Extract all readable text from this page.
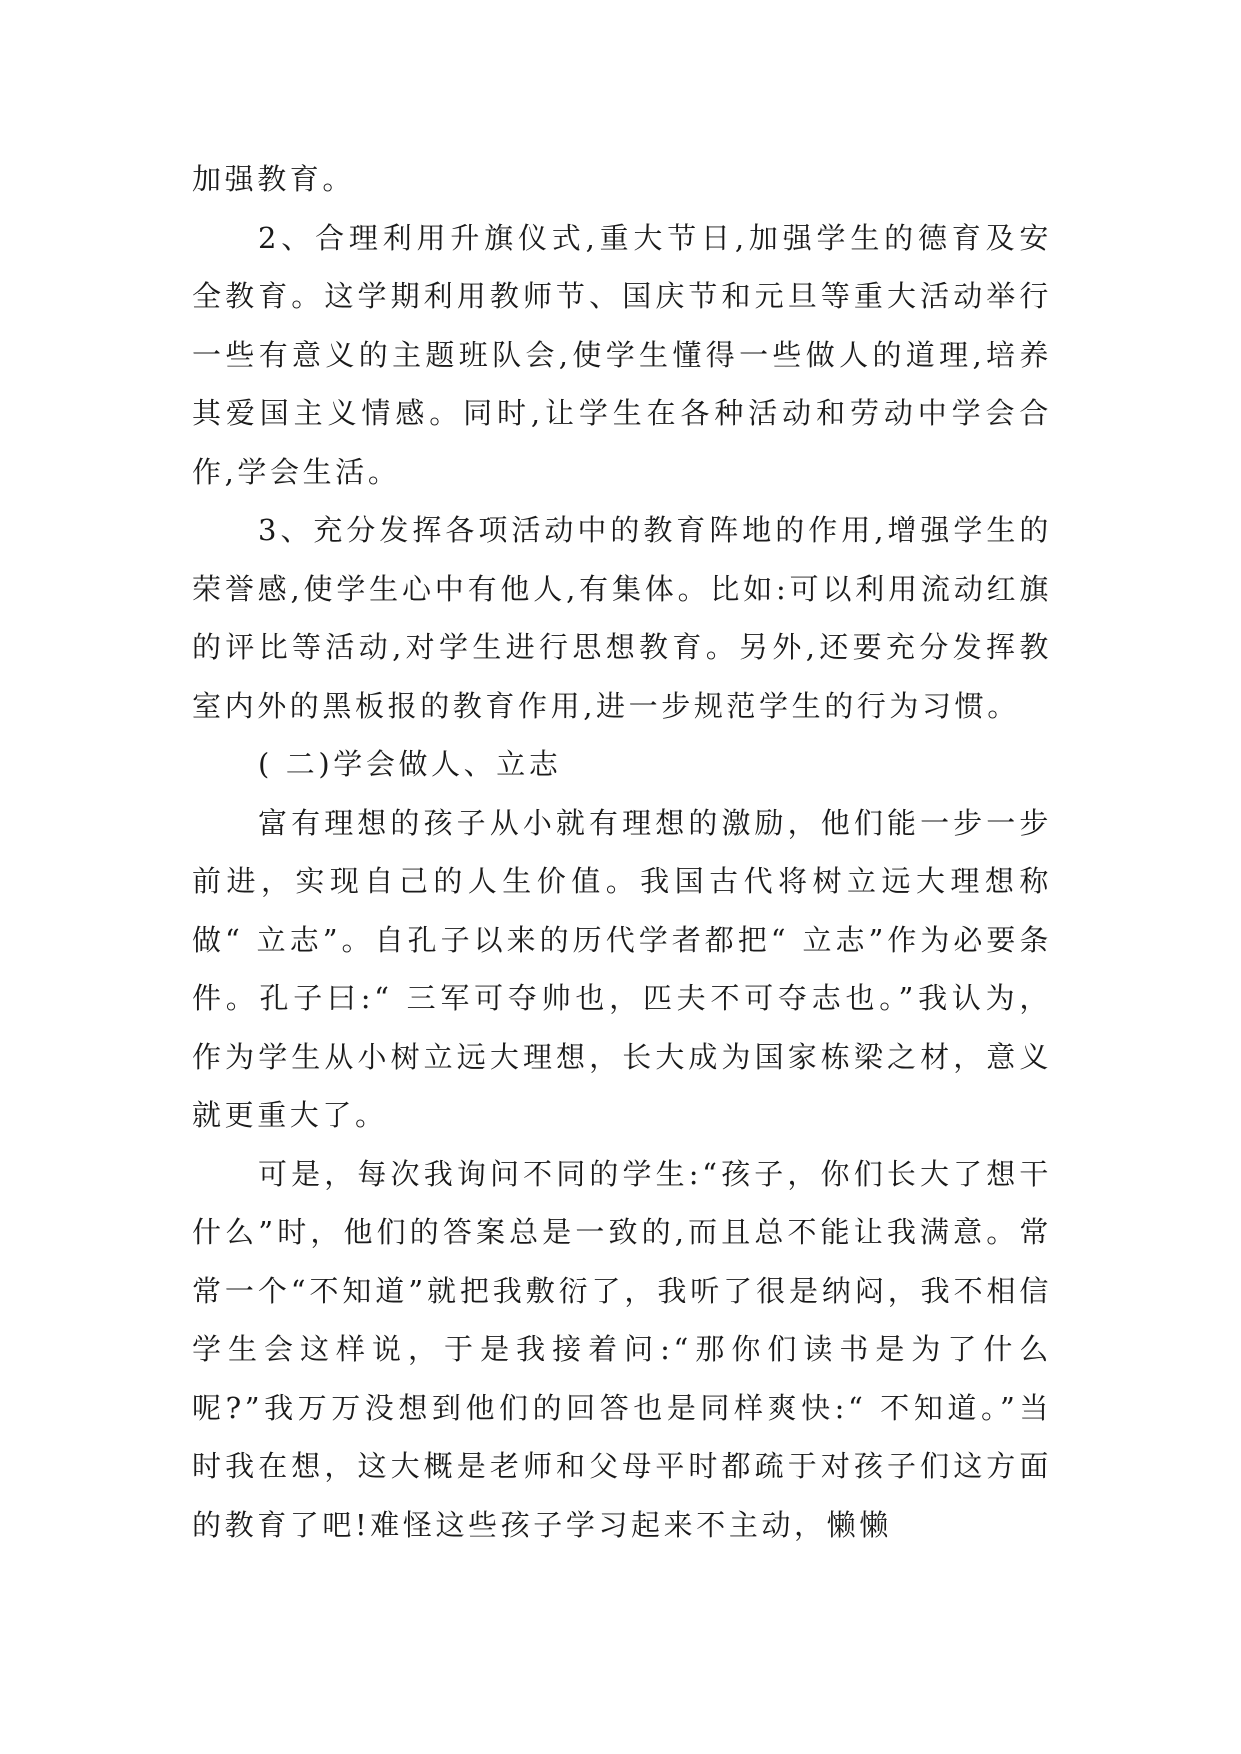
加强教育。

2、合理利用升旗仪式,重大节日,加强学生的德育及安全教育。这学期利用教师节、国庆节和元旦等重大活动举行一些有意义的主题班队会,使学生懂得一些做人的道理,培养其爱国主义情感。同时,让学生在各种活动和劳动中学会合作,学会生活。

3、充分发挥各项活动中的教育阵地的作用,增强学生的荣誉感,使学生心中有他人,有集体。比如:可以利用流动红旗的评比等活动,对学生进行思想教育。另外,还要充分发挥教室内外的黑板报的教育作用,进一步规范学生的行为习惯。

( 二)学会做人、立志

富有理想的孩子从小就有理想的激励，他们能一步一步前进，实现自己的人生价值。我国古代将树立远大理想称做“ 立志”。自孔子以来的历代学者都把“ 立志”作为必要条件。孔子曰:“ 三军可夺帅也，匹夫不可夺志也。”我认为，作为学生从小树立远大理想，长大成为国家栋梁之材，意义就更重大了。

可是，每次我询问不同的学生:“孩子，你们长大了想干什么”时，他们的答案总是一致的,而且总不能让我满意。常常一个“不知道”就把我敷衍了，我听了很是纳闷，我不相信学生会这样说，于是我接着问:“那你们读书是为了什么呢?”我万万没想到他们的回答也是同样爽快:“ 不知道。”当时我在想，这大概是老师和父母平时都疏于对孩子们这方面的教育了吧!难怪这些孩子学习起来不主动，懒懒
